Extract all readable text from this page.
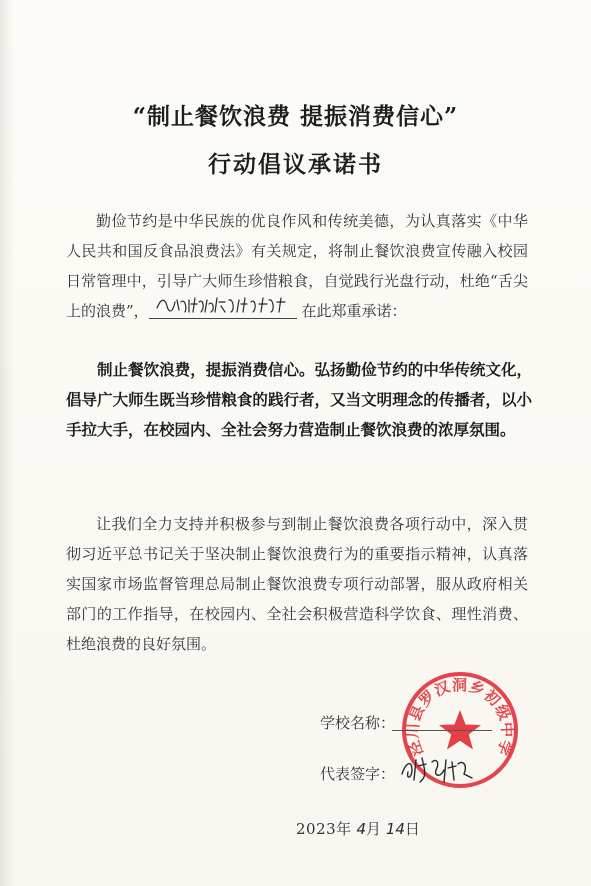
“制止餐饮浪费 提振消费信心”
行动倡议承诺书
勤俭节约是中华民族的优良作风和传统美德，为认真落实《中华人民共和国反食品浪费法》有关规定，将制止餐饮浪费宣传融入校园日常管理中，引导广大师生珍惜粮食，自觉践行光盘行动，杜绝“舌尖上的浪费”，	在此郑重承诺：
制止餐饮浪费，提振消费信心。弘扬勤俭节约的中华传统文化，倡导广大师生既当珍惜粮食的践行者，又当文明理念的传播者，以小手拉大手，在校园内、全社会努力营造制止餐饮浪费的浓厚氛围。
让我们全力支持并积极参与到制止餐饮浪费各项行动中，深入贯彻习近平总书记关于坚决制止餐饮浪费行为的重要指示精神，认真落实国家市场监督管理总局制止餐饮浪费专项行动部署，服从政府相关部门的工作指导，在校园内、全社会积极营造科学饮食、理性消费、杜绝浪费的良好氛围。
泾川县罗汉洞乡初级中学
学校名称：
代表签字：
2023年 4月 14日
